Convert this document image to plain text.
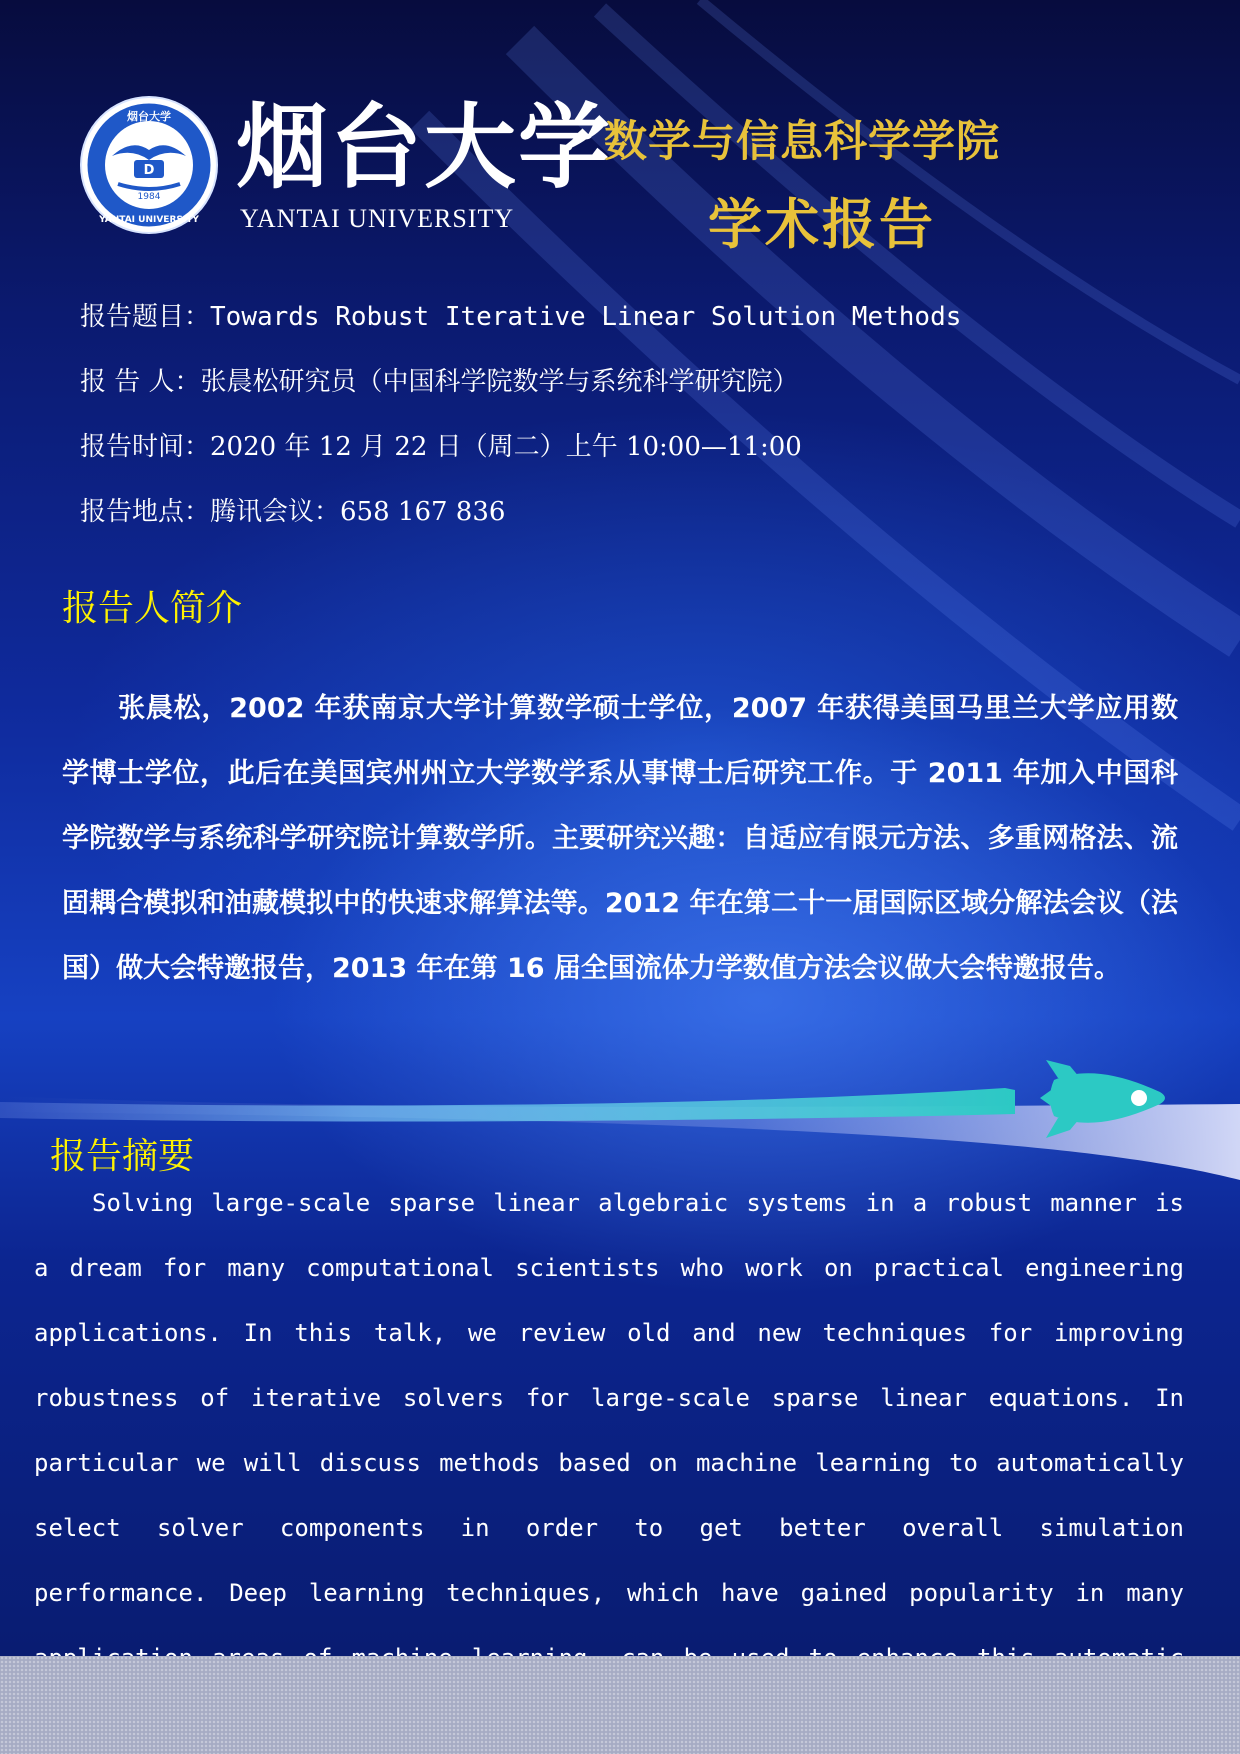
D
1984
烟台大学
YANTAI UNIVERSITY
烟台大学
YANTAI UNIVERSITY
数学与信息科学学院
学术报告
报告题目：Towards Robust Iterative Linear Solution Methods
报 告 人：张晨松研究员（中国科学院数学与系统科学研究院）
报告时间：2020 年 12 月 22 日（周二）上午 10:00—11:00
报告地点：腾讯会议：658 167 836
报告人简介

张晨松，2002 年获南京大学计算数学硕士学位，2007 年获得美国马里兰大学应用数学博士学位，此后在美国宾州州立大学数学系从事博士后研究工作。于 2011 年加入中国科学院数学与系统科学研究院计算数学所。主要研究兴趣：自适应有限元方法、多重网格法、流固耦合模拟和油藏模拟中的快速求解算法等。2012 年在第二十一届国际区域分解法会议（法国）做大会特邀报告，2013 年在第 16 届全国流体力学数值方法会议做大会特邀报告。

报告摘要

Solving large-scale sparse linear algebraic systems in a robust manner is a dream for many computational scientists who work on practical engineering applications. In this talk, we review old and new techniques for improving robustness of iterative solvers for large-scale sparse linear equations. In particular we will discuss methods based on machine learning to automatically select solver components in order to get better overall simulation performance. Deep learning techniques, which have gained popularity in many
